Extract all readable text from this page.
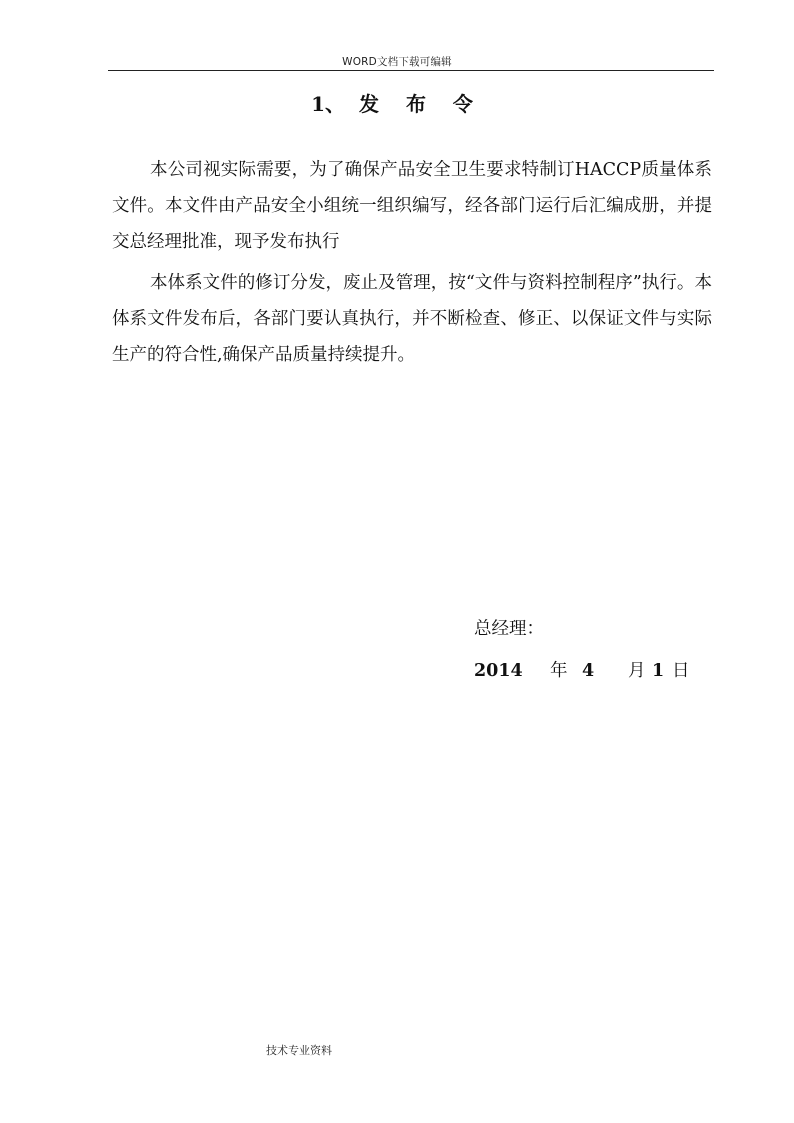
WORD文档下载可编辑
1、 发 布 令

本公司视实际需要，为了确保产品安全卫生要求特制订HACCP质量体系文件。本文件由产品安全小组统一组织编写，经各部门运行后汇编成册，并提交总经理批准，现予发布执行

本体系文件的修订分发，废止及管理，按“文件与资料控制程序”执行。本体系文件发布后，各部门要认真执行，并不断检查、修正、以保证文件与实际生产的符合性,确保产品质量持续提升。

总经理：
2014 年 4 月 1 日
技术专业资料
